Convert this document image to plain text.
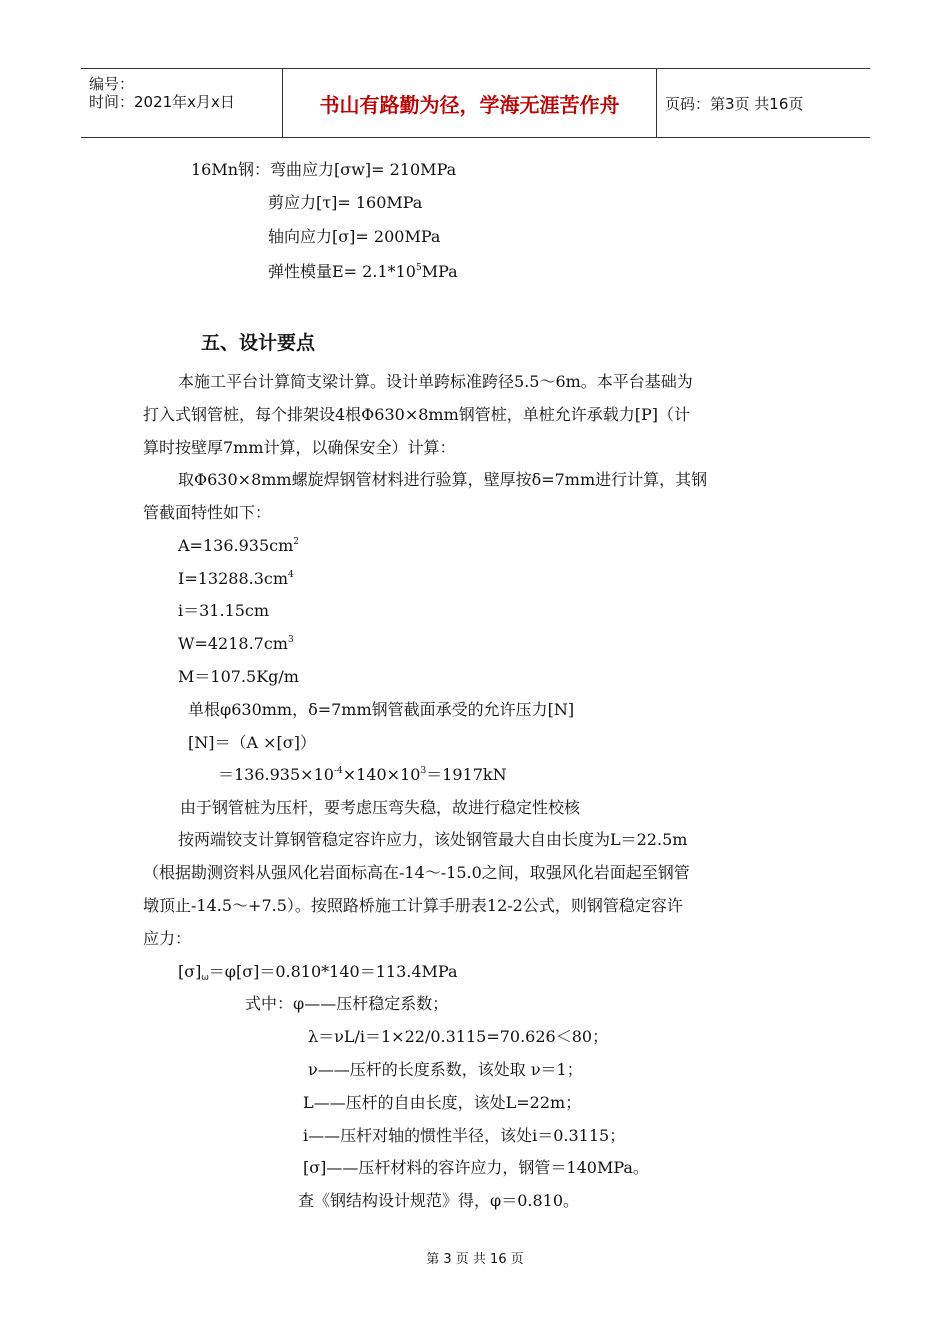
编号：
时间：2021年x月x日	书山有路勤为径，学海无涯苦作舟	页码：第3页 共16页
16Mn钢：弯曲应力[σw]= 210MPa
剪应力[τ]= 160MPa
轴向应力[σ]= 200MPa
弹性模量$E= 2.1*10^5MPa$
五、设计要点
本施工平台计算简支梁计算。设计单跨标准跨径5.5～6m。本平台基础为
打入式钢管桩，每个排架设4根Φ630×8mm钢管桩，单桩允许承载力[P]（计
算时按壁厚7mm计算，以确保安全）计算：
取Φ630×8mm螺旋焊钢管材料进行验算，壁厚按δ=7mm进行计算，其钢
管截面特性如下：
$A=136.935cm^2$
$I=13288.3cm^4$
i＝31.15cm
$W=4218.7cm^3$
M＝107.5Kg/m
单根φ630mm，δ=7mm钢管截面承受的允许压力[N]
[N]＝（A ×[σ]）
$=136.935\times 10^{-4}\times 140\times 10^3=1917kN$
由于钢管桩为压杆，要考虑压弯失稳，故进行稳定性校核
按两端铰支计算钢管稳定容许应力，该处钢管最大自由长度为L＝22.5m
（根据勘测资料从强风化岩面标高在-14～-15.0之间，取强风化岩面起至钢管
墩顶止-14.5～+7.5）。按照路桥施工计算手册表12-2公式，则钢管稳定容许
应力：
$[\sigma]_\omega=\varphi[\sigma]=0.810*140=113.4MPa$
式中：φ——压杆稳定系数；
λ＝νL/i＝1×22/0.3115=70.626＜80；
ν——压杆的长度系数，该处取 ν＝1；
L——压杆的自由长度，该处L=22m；
i——压杆对轴的惯性半径，该处i＝0.3115；
[σ]——压杆材料的容许应力，钢管＝140MPa。
查《钢结构设计规范》得，φ＝0.810。
第 3 页 共 16 页
